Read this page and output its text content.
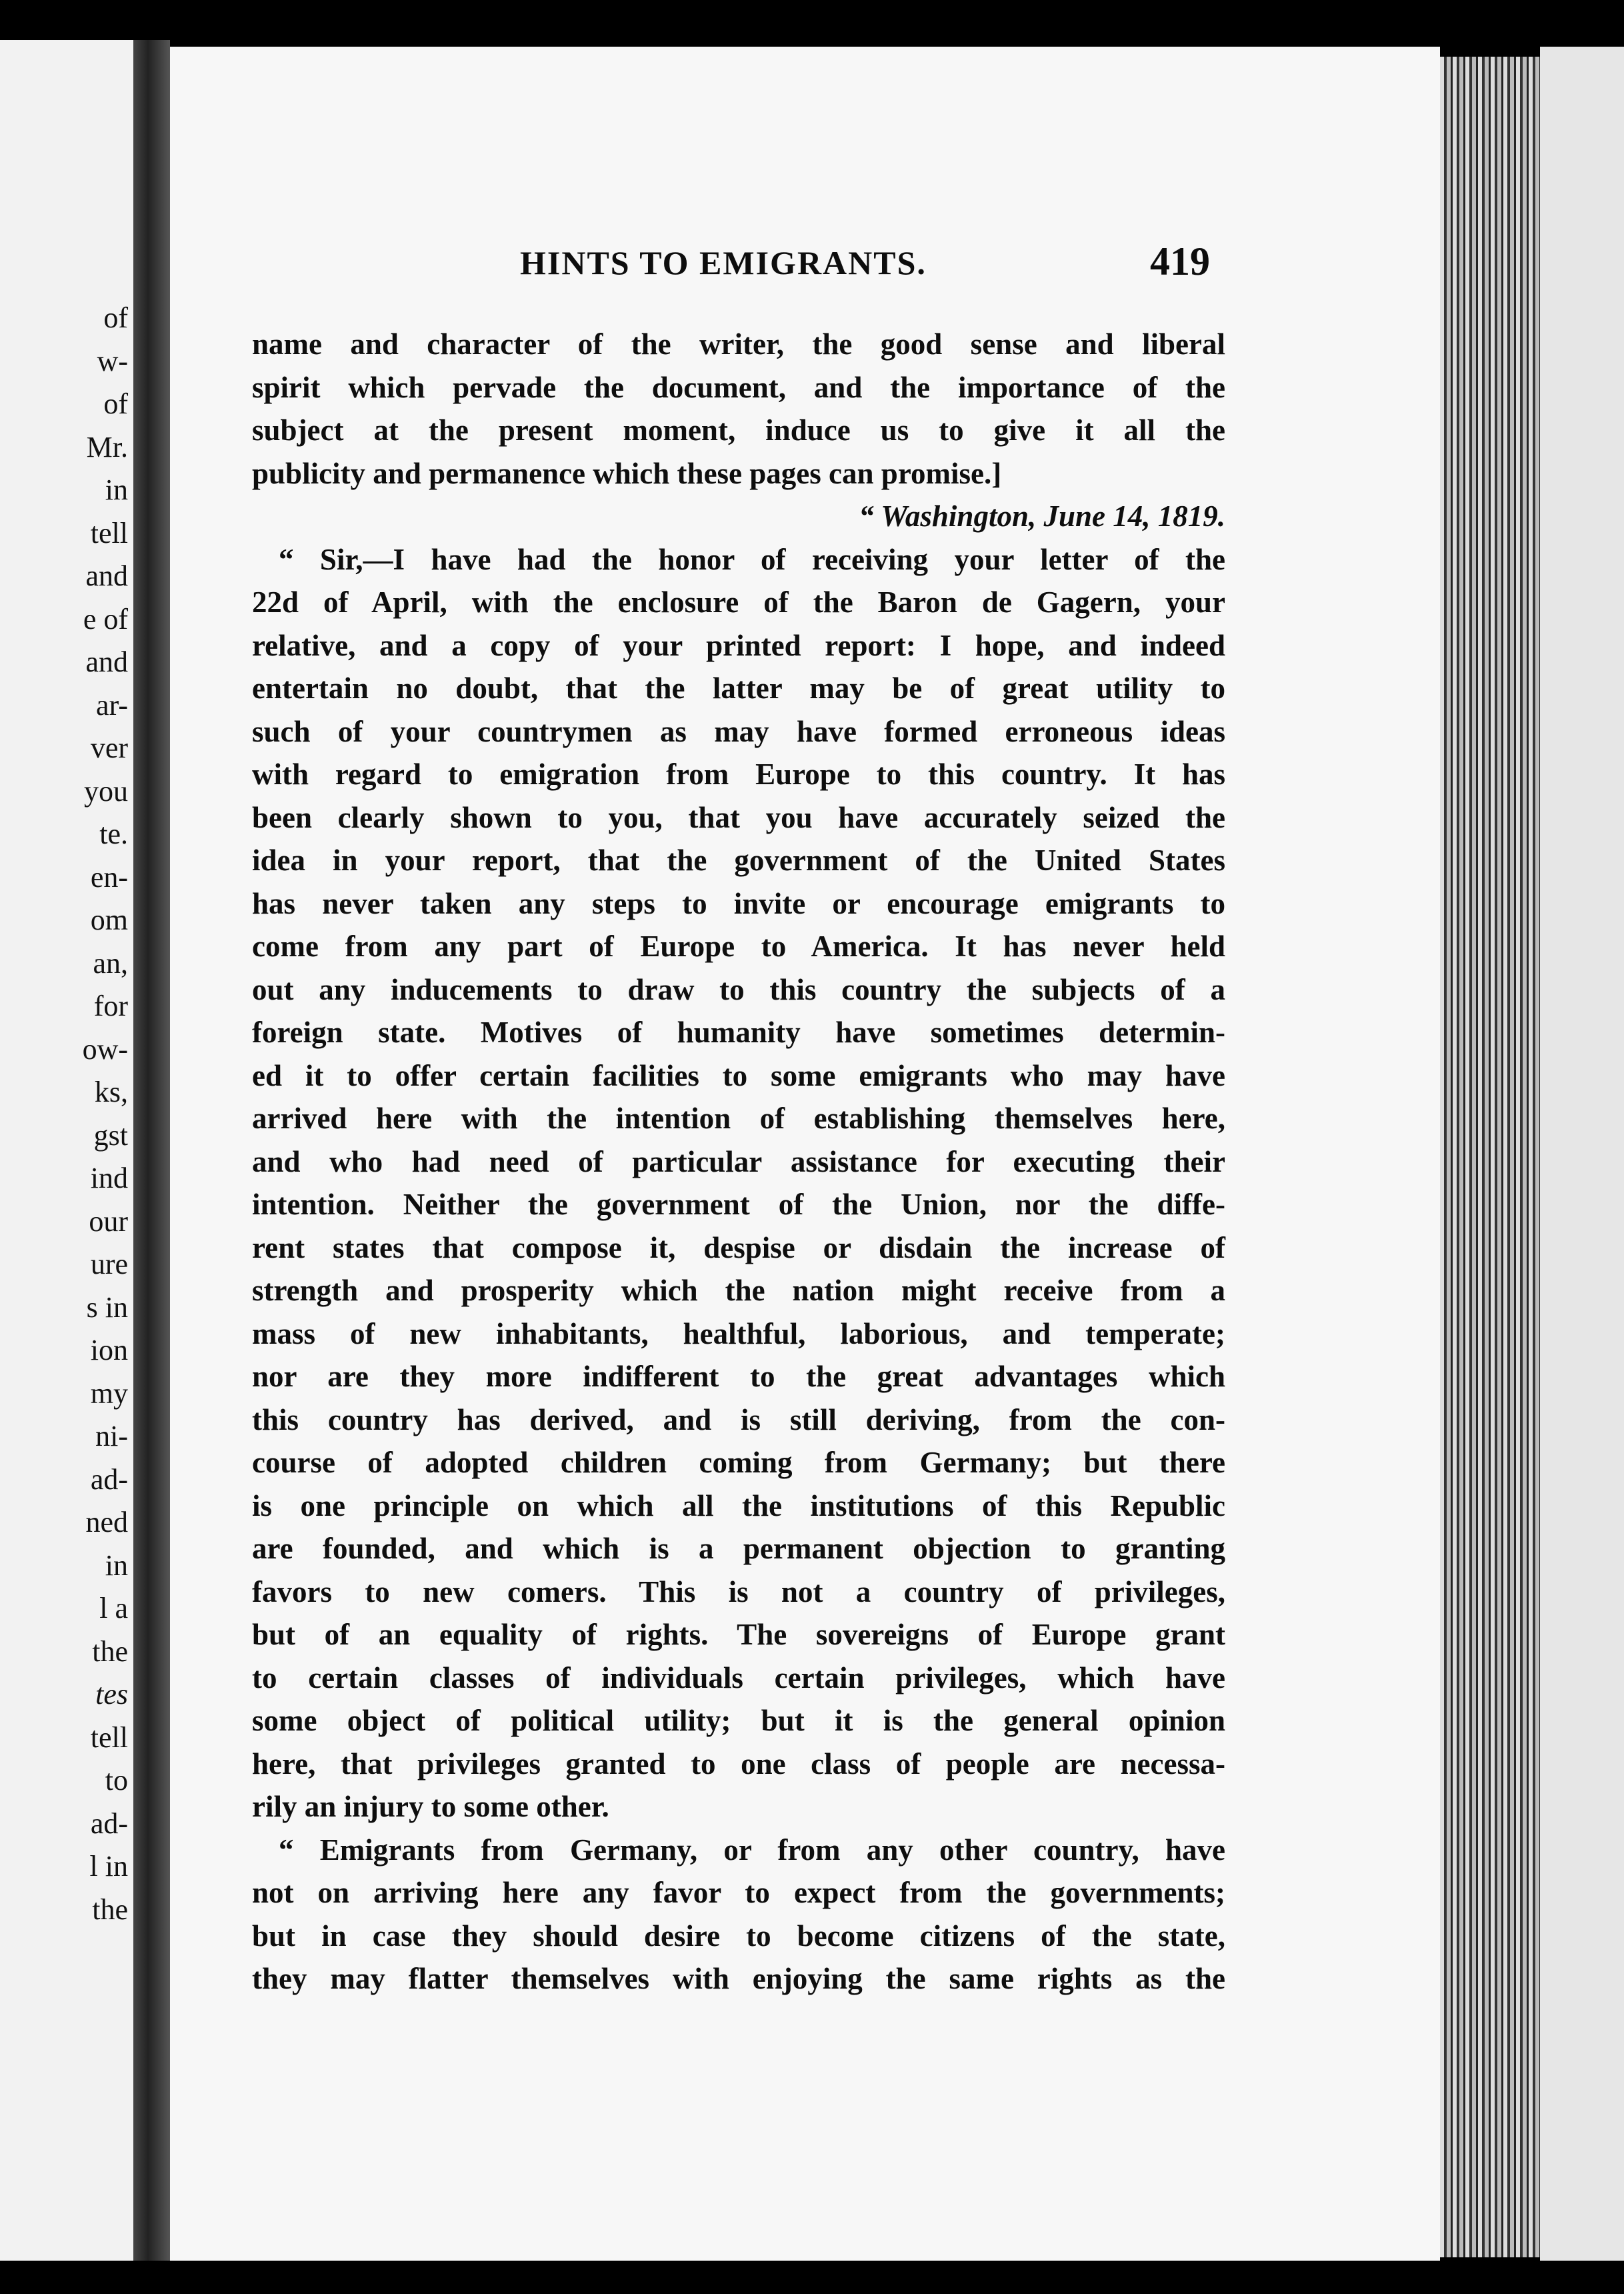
of
w-
of
Mr.
in
tell
and
e of
and
ar-
ver
you
te.
en-
om
an,
for
ow-
ks,
gst
ind
our
ure
s in
ion
my
ni-
ad-
ned
in
l a
the
tes
tell
to
ad-
l in
the
HINTS TO EMIGRANTS.	419
name and character of the writer, the good sense and liberal
spirit which pervade the document, and the importance of the
subject at the present moment, induce us to give it all the
publicity and permanence which these pages can promise.]
“ Washington, June 14, 1819.
“ Sir,—I have had the honor of receiving your letter of the
22d of April, with the enclosure of the Baron de Gagern, your
relative, and a copy of your printed report: I hope, and indeed
entertain no doubt, that the latter may be of great utility to
such of your countrymen as may have formed erroneous ideas
with regard to emigration from Europe to this country. It has
been clearly shown to you, that you have accurately seized the
idea in your report, that the government of the United States
has never taken any steps to invite or encourage emigrants to
come from any part of Europe to America. It has never held
out any inducements to draw to this country the subjects of a
foreign state. Motives of humanity have sometimes determin-
ed it to offer certain facilities to some emigrants who may have
arrived here with the intention of establishing themselves here,
and who had need of particular assistance for executing their
intention. Neither the government of the Union, nor the diffe-
rent states that compose it, despise or disdain the increase of
strength and prosperity which the nation might receive from a
mass of new inhabitants, healthful, laborious, and temperate;
nor are they more indifferent to the great advantages which
this country has derived, and is still deriving, from the con-
course of adopted children coming from Germany; but there
is one principle on which all the institutions of this Republic
are founded, and which is a permanent objection to granting
favors to new comers. This is not a country of privileges,
but of an equality of rights. The sovereigns of Europe grant
to certain classes of individuals certain privileges, which have
some object of political utility; but it is the general opinion
here, that privileges granted to one class of people are necessa-
rily an injury to some other.
“ Emigrants from Germany, or from any other country, have
not on arriving here any favor to expect from the governments;
but in case they should desire to become citizens of the state,
they may flatter themselves with enjoying the same rights as the
